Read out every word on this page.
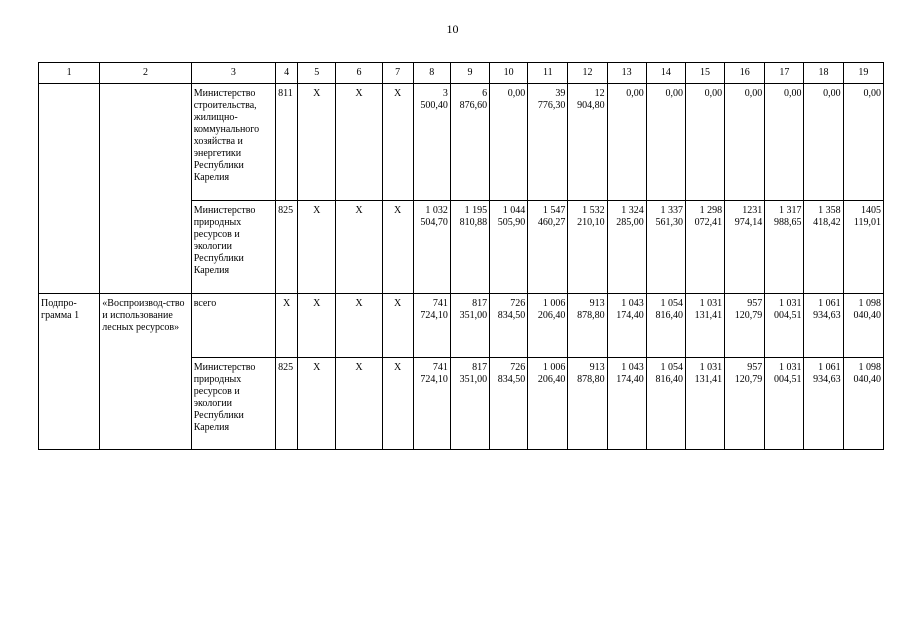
10
1	2	3	4	5	6	7	8	9	10	11	12	13	14	15	16	17	18	19
		Министерство строительства, жилищно-коммунального хозяйства и энергетики Республики Карелия	811	X	X	X	3 500,40	6 876,60	0,00	39 776,30	12 904,80	0,00	0,00	0,00	0,00	0,00	0,00	0,00
		Министерство природных ресурсов и экологии Республики Карелия	825	X	X	X	1 032 504,70	1 195 810,88	1 044 505,90	1 547 460,27	1 532 210,10	1 324 285,00	1 337 561,30	1 298 072,41	1231 974,14	1 317 988,65	1 358 418,42	1405 119,01
Подпро-грамма 1	«Воспроизвод-ство и использование лесных ресурсов»	всего	X	X	X	X	741 724,10	817 351,00	726 834,50	1 006 206,40	913 878,80	1 043 174,40	1 054 816,40	1 031 131,41	957 120,79	1 031 004,51	1 061 934,63	1 098 040,40
		Министерство природных ресурсов и экологии Республики Карелия	825	X	X	X	741 724,10	817 351,00	726 834,50	1 006 206,40	913 878,80	1 043 174,40	1 054 816,40	1 031 131,41	957 120,79	1 031 004,51	1 061 934,63	1 098 040,40
